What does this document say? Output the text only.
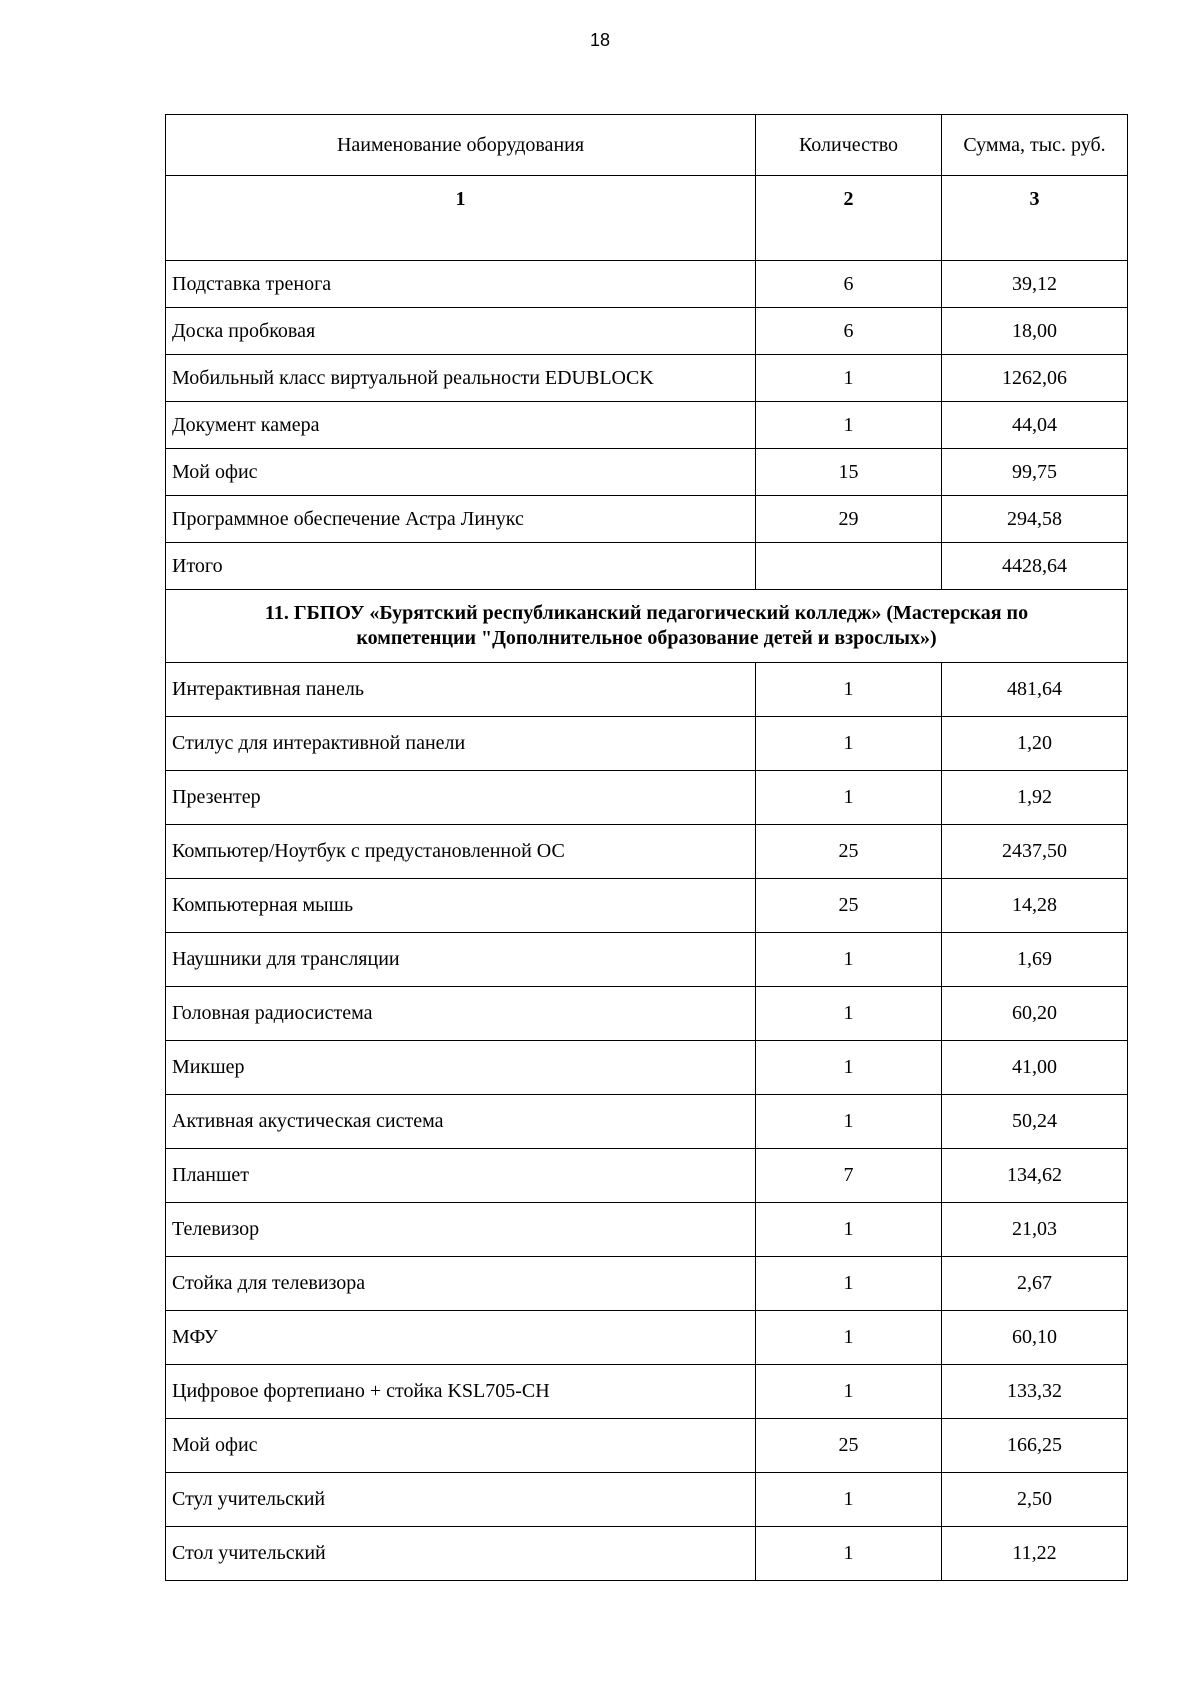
18
Наименование оборудования	Количество	Сумма, тыс. руб.
1	2	3
Подставка тренога	6	39,12
Доска пробковая	6	18,00
Мобильный класс виртуальной реальности EDUBLOCK	1	1262,06
Документ камера	1	44,04
Мой офис	15	99,75
Программное обеспечение Астра Линукс	29	294,58
Итого		4428,64

11. ГБПОУ «Бурятский республиканский педагогический колледж» (Мастерская по
компетенции "Дополнительное образование детей и взрослых»)		

Интерактивная панель	1	481,64
Стилус для интерактивной панели	1	1,20
Презентер	1	1,92
Компьютер/Ноутбук с предустановленной ОС	25	2437,50
Компьютерная мышь	25	14,28
Наушники для трансляции	1	1,69
Головная радиосистема	1	60,20
Микшер	1	41,00
Активная акустическая система	1	50,24
Планшет	7	134,62
Телевизор	1	21,03
Стойка для телевизора	1	2,67
МФУ	1	60,10
Цифровое фортепиано + стойка KSL705-CH	1	133,32
Мой офис	25	166,25
Стул учительский	1	2,50
Стол учительский	1	11,22
